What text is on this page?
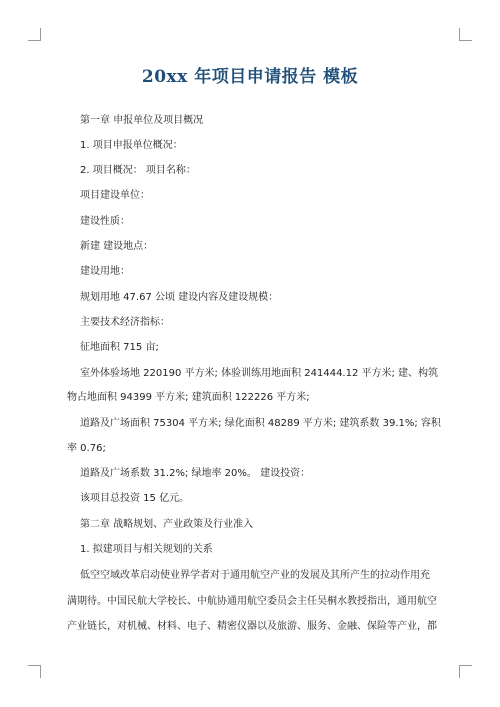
20xx 年项目申请报告 模板
第一章 申报单位及项目概况
1. 项目申报单位概况：
2. 项目概况： 项目名称：
项目建设单位：
建设性质：
新建 建设地点：
建设用地：
规划用地 47.67 公顷 建设内容及建设规模：
主要技术经济指标：
征地面积 715 亩;
室外体验场地 220190 平方米; 体验训练用地面积 241444.12 平方米; 建、构筑
物占地面积 94399 平方米; 建筑面积 122226 平方米;
道路及广场面积 75304 平方米; 绿化面积 48289 平方米; 建筑系数 39.1%; 容积
率 0.76;
道路及广场系数 31.2%; 绿地率 20%。 建设投资：
该项目总投资 15 亿元。
第二章 战略规划、产业政策及行业准入
1. 拟建项目与相关规划的关系
低空空域改革启动使业界学者对于通用航空产业的发展及其所产生的拉动作用充
满期待。中国民航大学校长、中航协通用航空委员会主任吴桐水教授指出，通用航空
产业链长，对机械、材料、电子、精密仪器以及旅游、服务、金融、保险等产业，都
